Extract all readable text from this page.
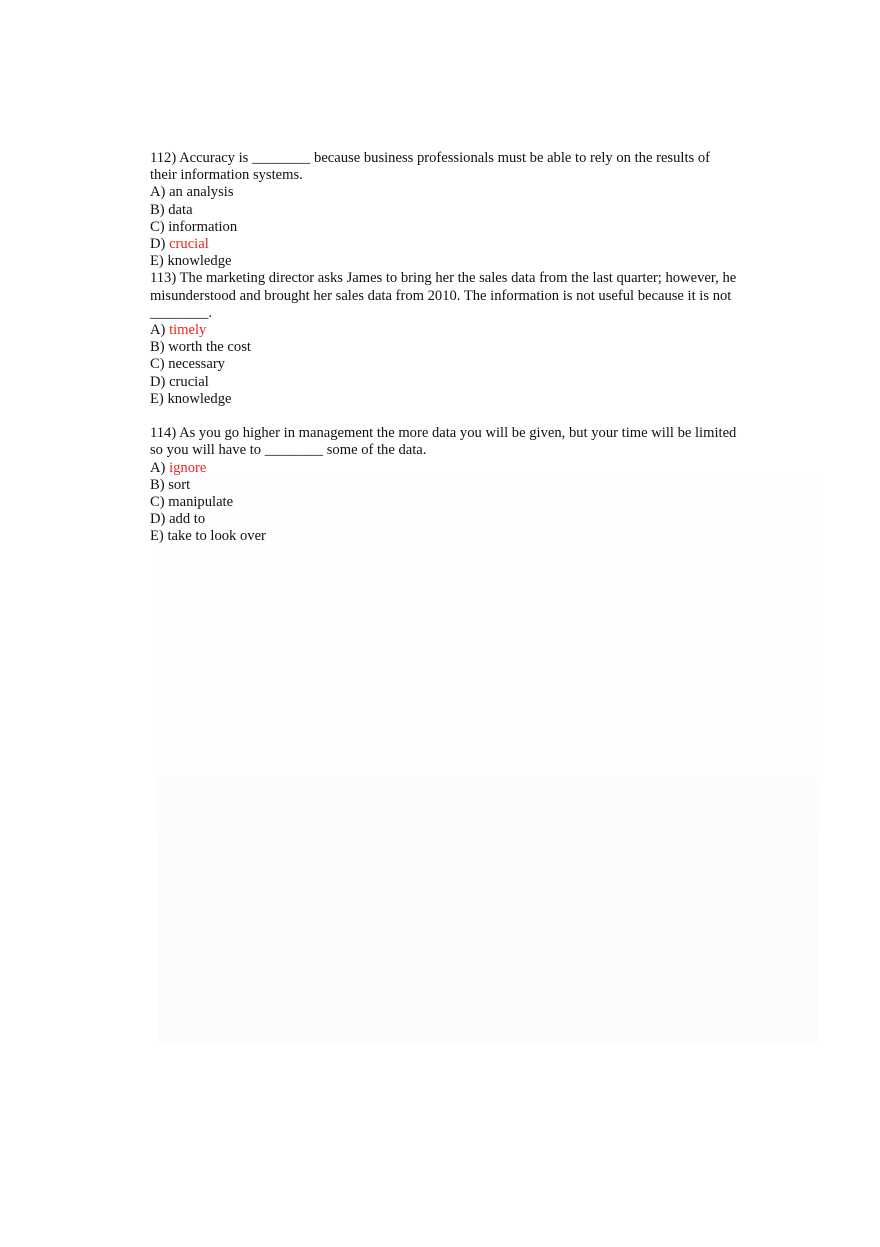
112) Accuracy is ________ because business professionals must be able to rely on the results of their information systems.
A) an analysis
B) data
C) information
D) crucial
E) knowledge
113) The marketing director asks James to bring her the sales data from the last quarter; however, he misunderstood and brought her sales data from 2010. The information is not useful because it is not ________.
A) timely
B) worth the cost
C) necessary
D) crucial
E) knowledge
114) As you go higher in management the more data you will be given, but your time will be limited so you will have to ________ some of the data.
A) ignore
B) sort
C) manipulate
D) add to
E) take to look over
